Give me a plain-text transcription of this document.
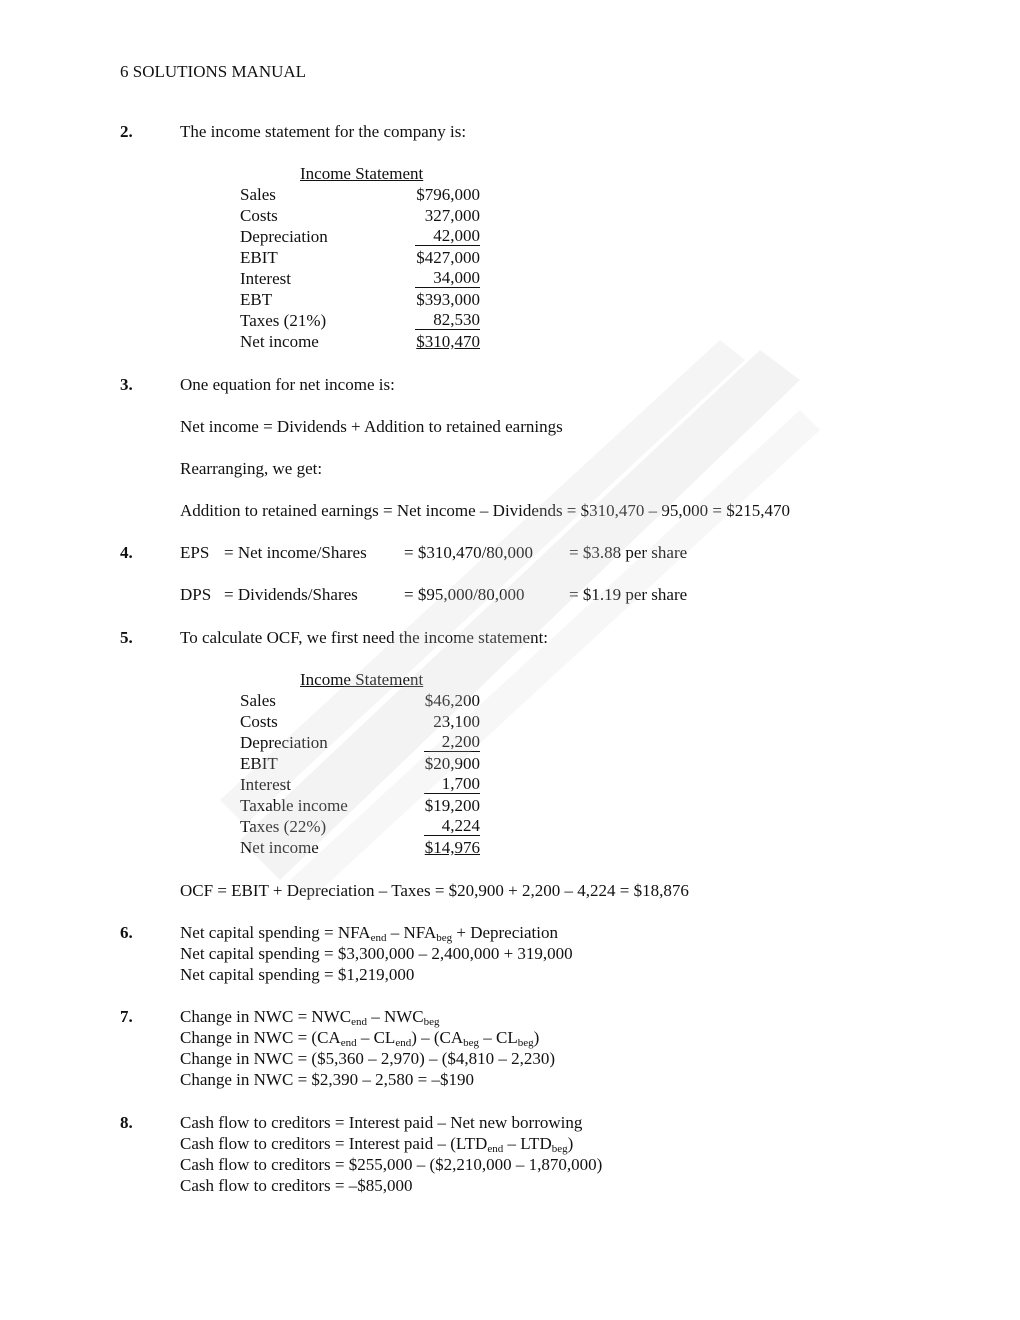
6 SOLUTIONS MANUAL
2.	The income statement for the company is:
Income Statement
Sales	$796,000
Costs	327,000
Depreciation	42,000
EBIT	$427,000
Interest	34,000
EBT	$393,000
Taxes (21%)	82,530
Net income	$310,470
3.	One equation for net income is:
Net income = Dividends + Addition to retained earnings
Rearranging, we get:
Addition to retained earnings = Net income – Dividends = $310,470 – 95,000 = $215,470
4.	EPS = Net income/Shares = $310,470/80,000 = $3.88 per share
DPS = Dividends/Shares	= $95,000/80,000	= $1.19 per share
5.	To calculate OCF, we first need the income statement:
Income Statement
Sales	$46,200
Costs	23,100
Depreciation	2,200
EBIT	$20,900
Interest	1,700
Taxable income	$19,200
Taxes (22%)	4,224
Net income	$14,976
OCF = EBIT + Depreciation – Taxes = $20,900 + 2,200 – 4,224 = $18,876
6.	Net capital spending = $NFA_{end} - NFA_{beg}$ + Depreciation
Net capital spending = $3,300,000 – 2,400,000 + 319,000
Net capital spending = $1,219,000
7.	Change in NWC = $NWC_{end} - NWC_{beg}$
Change in NWC = $(CA_{end} - CL_{end}) - (CA_{beg} - CL_{beg})$
Change in NWC = ($5,360 – 2,970) – ($4,810 – 2,230)
Change in NWC = $2,390 – 2,580 = –$190
8.	Cash flow to creditors = Interest paid – Net new borrowing
Cash flow to creditors = Interest paid – $(LTD_{end} - LTD_{beg})$
Cash flow to creditors = $255,000 – ($2,210,000 – 1,870,000)
Cash flow to creditors = –$85,000
